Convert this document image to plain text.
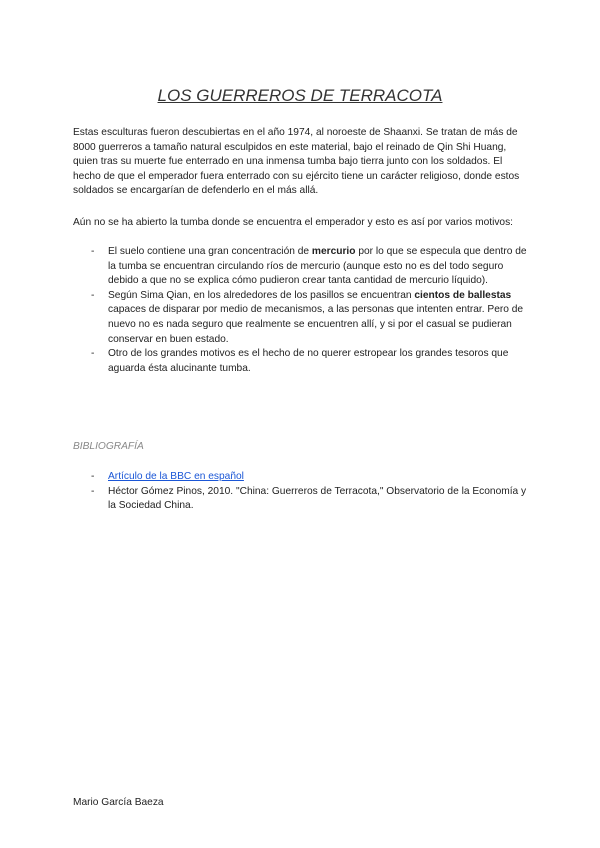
LOS GUERREROS DE TERRACOTA

Estas esculturas fueron descubiertas en el año 1974, al noroeste de Shaanxi. Se tratan de más de 8000 guerreros a tamaño natural esculpidos en este material, bajo el reinado de Qin Shi Huang, quien tras su muerte fue enterrado en una inmensa tumba bajo tierra junto con los soldados. El hecho de que el emperador fuera enterrado con su ejército tiene un carácter religioso, donde estos soldados se encargarían de defenderlo en el más allá.

Aún no se ha abierto la tumba donde se encuentra el emperador y esto es así por varios motivos:

- El suelo contiene una gran concentración de mercurio por lo que se especula que dentro de la tumba se encuentran circulando ríos de mercurio (aunque esto no es del todo seguro debido a que no se explica cómo pudieron crear tanta cantidad de mercurio líquido).
- Según Sima Qian, en los alrededores de los pasillos se encuentran cientos de ballestas capaces de disparar por medio de mecanismos, a las personas que intenten entrar. Pero de nuevo no es nada seguro que realmente se encuentren allí, y si por el casual se pudieran conservar en buen estado.
- Otro de los grandes motivos es el hecho de no querer estropear los grandes tesoros que aguarda ésta alucinante tumba.
BIBLIOGRAFÍA
- Artículo de la BBC en español
- Héctor Gómez Pinos, 2010. "China: Guerreros de Terracota," Observatorio de la Economía y la Sociedad China.

Mario García Baeza
